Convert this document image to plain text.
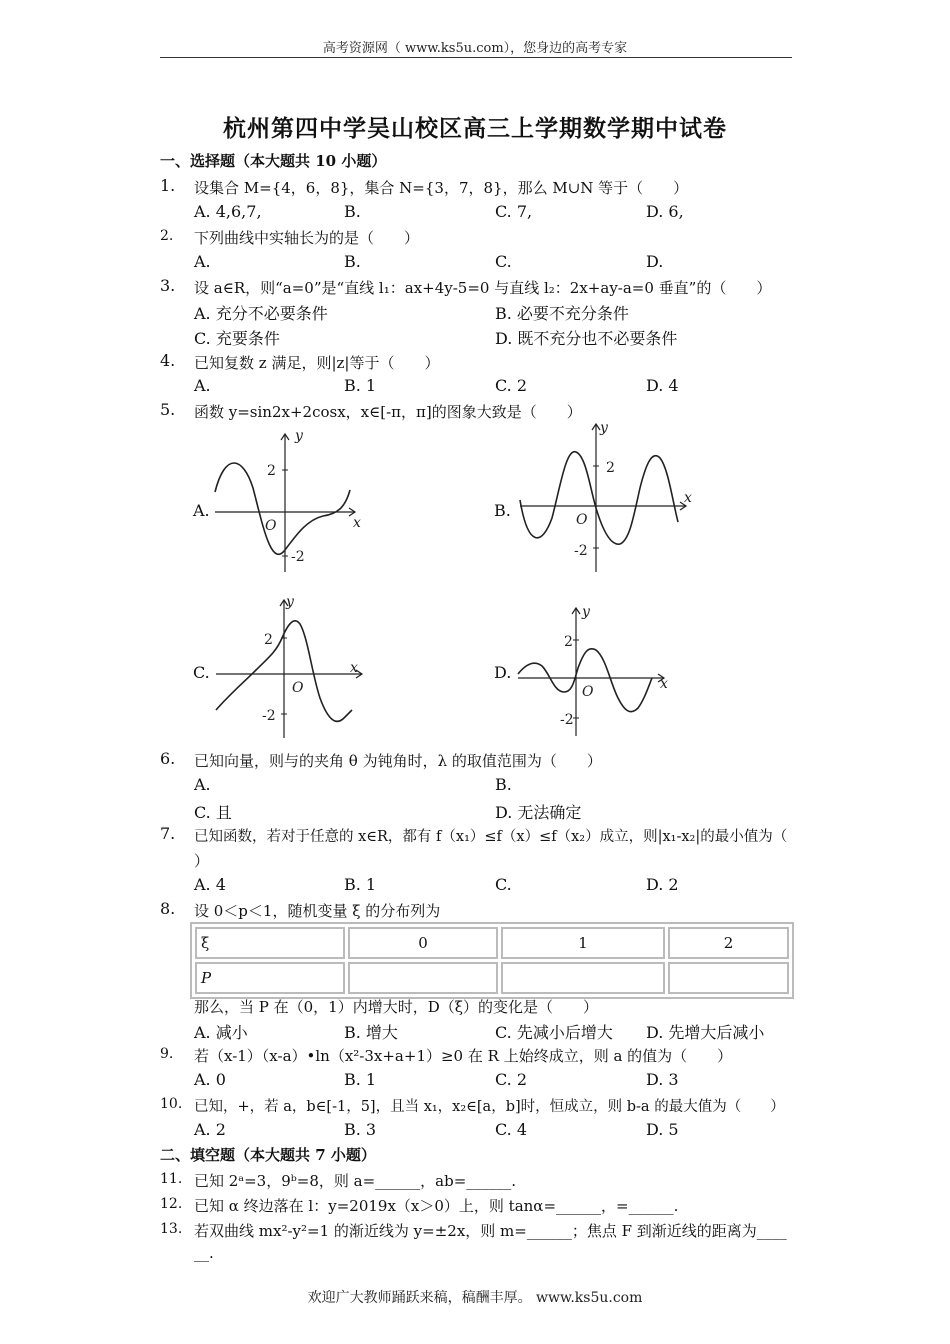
高考资源网（ www.ks5u.com），您身边的高考专家
杭州第四中学吴山校区高三上学期数学期中试卷
一、选择题（本大题共 10 小题）
1. 设集合 M={4，6，8}，集合 N={3，7，8}，那么 M∪N 等于（　　）
A. 4,6,7,	B.	C. 7,	D. 6,
2. 下列曲线中实轴长为的是（　　）
A.	B.	C.	D.
3. 设 a∈R，则“a=0”是“直线 l₁：ax+4y-5=0 与直线 l₂：2x+ay-a=0 垂直”的（　　）
A. 充分不必要条件	B. 必要不充分条件
C. 充要条件	D. 既不充分也不必要条件
4. 已知复数 z 满足，则|z|等于（　　）
A.	B. 1	C. 2	D. 4
5. 函数 y=sin2x+2cosx，x∈[-π，π]的图象大致是（　　）
A.	B.
C.	D.
y
x
2
-2
O
y
x
2
-2
O
y
x
2
-2
O
y
x
2
-2
O
6. 已知向量，则与的夹角 θ 为钝角时，λ 的取值范围为（　　）
A.	B.
C. 且	D. 无法确定
7. 已知函数，若对于任意的 x∈R，都有 f（x₁）≤f（x）≤f（x₂）成立，则|x₁-x₂|的最小值为（
）
A. 4	B. 1	C.	D. 2
8. 设 0＜p＜1，随机变量 ξ 的分布列为
ξ	0	1	2
P			
那么，当 P 在（0，1）内增大时，D（ξ）的变化是（　　）
A. 减小	B. 增大	C. 先减小后增大 D. 先增大后减小
9. 若（x-1）（x-a）•ln（x²-3x+a+1）≥0 在 R 上始终成立，则 a 的值为（　　）
A. 0	B. 1	C. 2	D. 3
10. 已知，+，若 a，b∈[-1，5]，且当 x₁，x₂∈[a，b]时，恒成立，则 b-a 的最大值为（　　）
A. 2	B. 3	C. 4	D. 5
二、填空题（本大题共 7 小题）
11. 已知 2ᵃ=3，9ᵇ=8，则 a=______，ab=______.
12. 已知 α 终边落在 l：y=2019x（x＞0）上，则 tanα=______，=______.
13. 若双曲线 mx²-y²=1 的渐近线为 y=±2x，则 m=______；焦点 F 到渐近线的距离为____
__.
欢迎广大教师踊跃来稿，稿酬丰厚。 www.ks5u.com
